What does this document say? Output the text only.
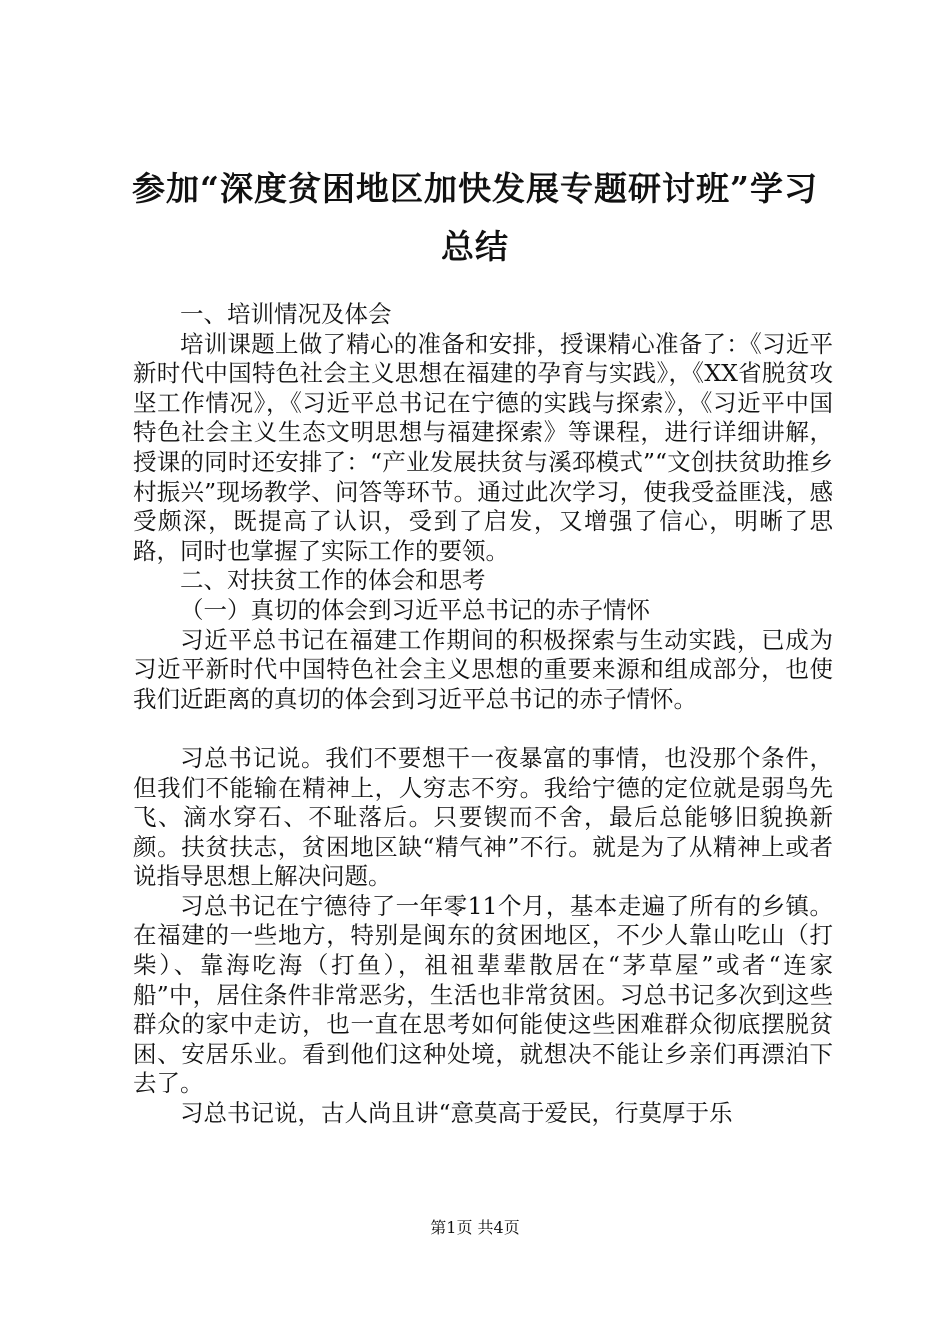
参加“深度贫困地区加快发展专题研讨班”学习总结

一、培训情况及体会

培训课题上做了精心的准备和安排，授课精心准备了：《习近平新时代中国特色社会主义思想在福建的孕育与实践》，《XX省脱贫攻坚工作情况》，《习近平总书记在宁德的实践与探索》，《习近平中国特色社会主义生态文明思想与福建探索》等课程，进行详细讲解，授课的同时还安排了：“产业发展扶贫与溪邳模式”“文创扶贫助推乡村振兴”现场教学、问答等环节。通过此次学习，使我受益匪浅，感受颇深，既提高了认识，受到了启发，又增强了信心，明晰了思路，同时也掌握了实际工作的要领。

二、对扶贫工作的体会和思考

（一）真切的体会到习近平总书记的赤子情怀

习近平总书记在福建工作期间的积极探索与生动实践，已成为习近平新时代中国特色社会主义思想的重要来源和组成部分，也使我们近距离的真切的体会到习近平总书记的赤子情怀。

习总书记说。我们不要想干一夜暴富的事情，也没那个条件，但我们不能输在精神上，人穷志不穷。我给宁德的定位就是弱鸟先飞、滴水穿石、不耻落后。只要锲而不舍，最后总能够旧貌换新颜。扶贫扶志，贫困地区缺“精气神”不行。就是为了从精神上或者说指导思想上解决问题。

习总书记在宁德待了一年零11个月，基本走遍了所有的乡镇。在福建的一些地方，特别是闽东的贫困地区，不少人靠山吃山（打柴）、靠海吃海（打鱼），祖祖辈辈散居在“茅草屋”或者“连家船”中，居住条件非常恶劣，生活也非常贫困。习总书记多次到这些群众的家中走访，也一直在思考如何能使这些困难群众彻底摆脱贫困、安居乐业。看到他们这种处境，就想决不能让乡亲们再漂泊下去了。

习总书记说，古人尚且讲“意莫高于爱民，行莫厚于乐

第1页 共4页
